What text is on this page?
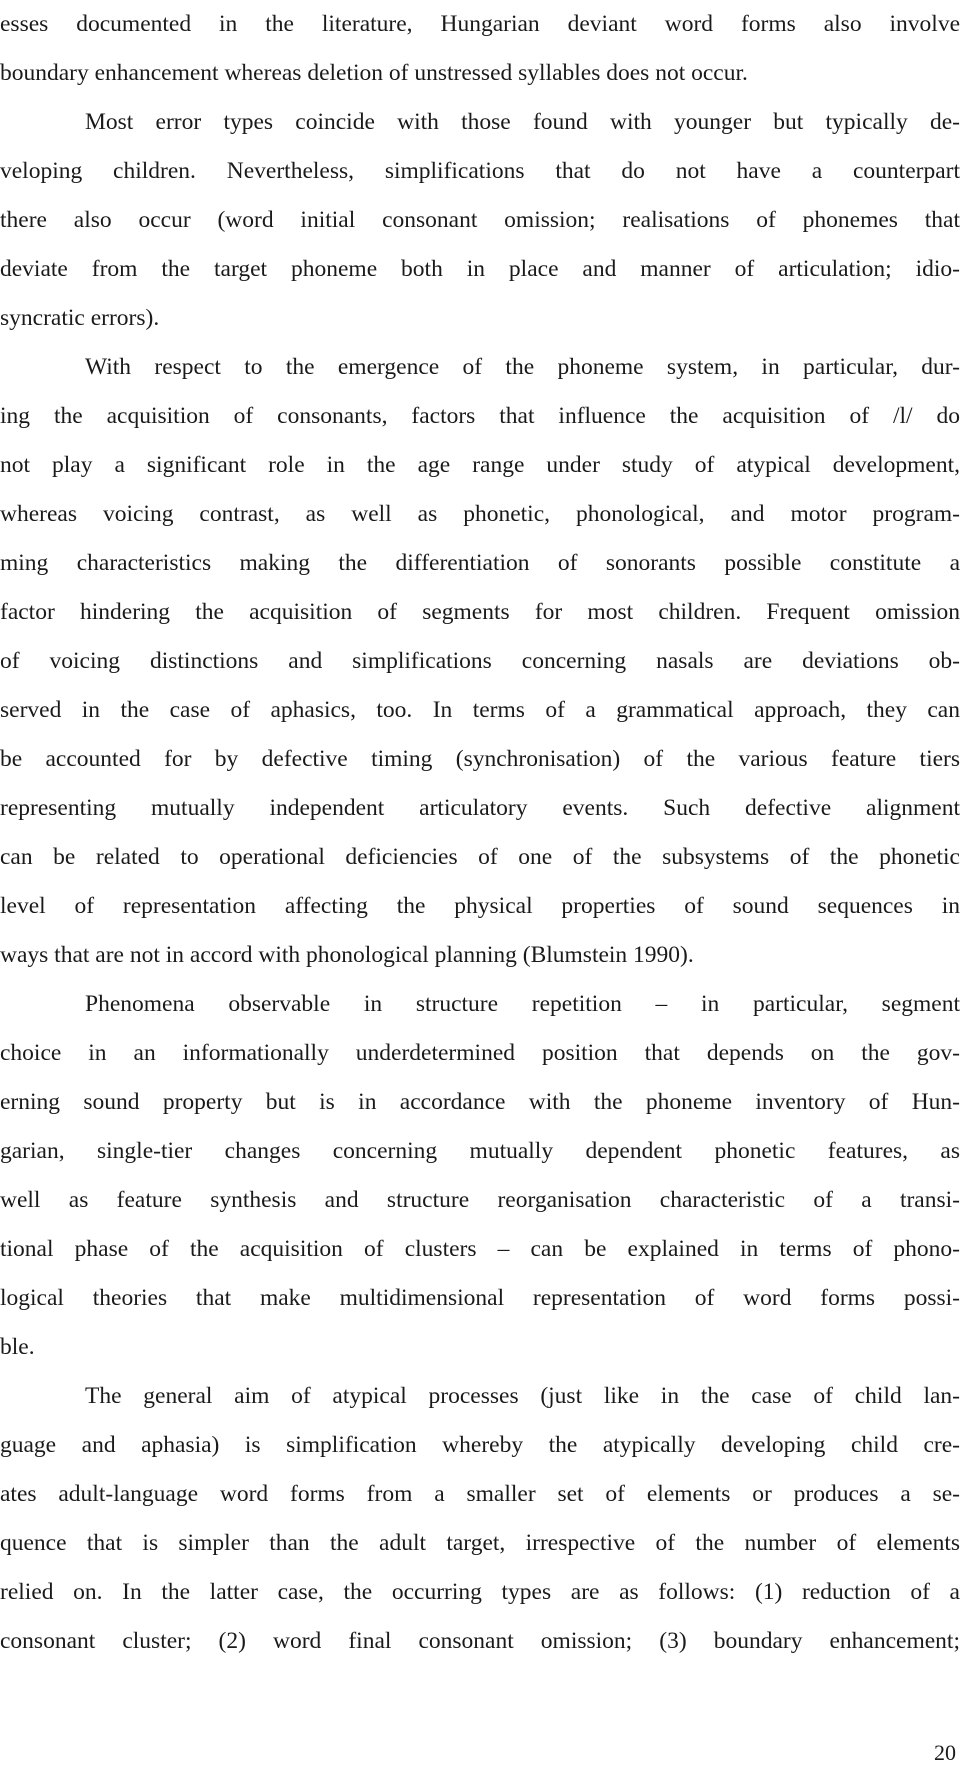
esses documented in the literature, Hungarian deviant word forms also involve
boundary enhancement whereas deletion of unstressed syllables does not occur.
Most error types coincide with those found with younger but typically de-
veloping children. Nevertheless, simplifications that do not have a counterpart
there also occur (word initial consonant omission; realisations of phonemes that
deviate from the target phoneme both in place and manner of articulation; idio-
syncratic errors).
With respect to the emergence of the phoneme system, in particular, dur-
ing the acquisition of consonants, factors that influence the acquisition of /l/ do
not play a significant role in the age range under study of atypical development,
whereas voicing contrast, as well as phonetic, phonological, and motor program-
ming characteristics making the differentiation of sonorants possible constitute a
factor hindering the acquisition of segments for most children. Frequent omission
of voicing distinctions and simplifications concerning nasals are deviations ob-
served in the case of aphasics, too. In terms of a grammatical approach, they can
be accounted for by defective timing (synchronisation) of the various feature tiers
representing mutually independent articulatory events. Such defective alignment
can be related to operational deficiencies of one of the subsystems of the phonetic
level of representation affecting the physical properties of sound sequences in
ways that are not in accord with phonological planning (Blumstein 1990).
Phenomena observable in structure repetition – in particular, segment
choice in an informationally underdetermined position that depends on the gov-
erning sound property but is in accordance with the phoneme inventory of Hun-
garian, single-tier changes concerning mutually dependent phonetic features, as
well as feature synthesis and structure reorganisation characteristic of a transi-
tional phase of the acquisition of clusters – can be explained in terms of phono-
logical theories that make multidimensional representation of word forms possi-
ble.
The general aim of atypical processes (just like in the case of child lan-
guage and aphasia) is simplification whereby the atypically developing child cre-
ates adult-language word forms from a smaller set of elements or produces a se-
quence that is simpler than the adult target, irrespective of the number of elements
relied on. In the latter case, the occurring types are as follows: (1) reduction of a
consonant cluster; (2) word final consonant omission; (3) boundary enhancement;
20
